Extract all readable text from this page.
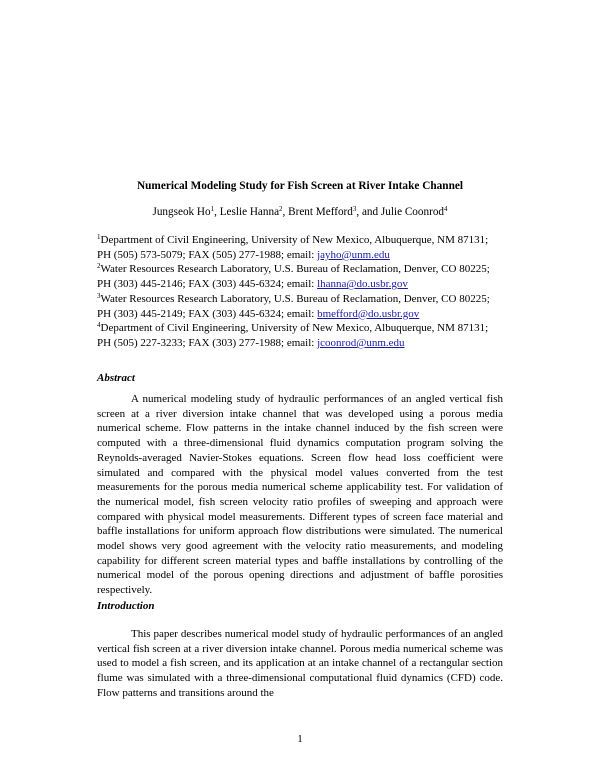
Numerical Modeling Study for Fish Screen at River Intake Channel
Jungseok Ho$^1$, Leslie Hanna$^2$, Brent Mefford$^3$, and Julie Coonrod$^4$

$^1$Department of Civil Engineering, University of New Mexico, Albuquerque, NM 87131; PH (505) 573-5079; FAX (505) 277-1988; email: jayho@unm.edu

$^2$Water Resources Research Laboratory, U.S. Bureau of Reclamation, Denver, CO 80225; PH (303) 445-2146; FAX (303) 445-6324; email: lhanna@do.usbr.gov

$^3$Water Resources Research Laboratory, U.S. Bureau of Reclamation, Denver, CO 80225; PH (303) 445-2149; FAX (303) 445-6324; email: bmefford@do.usbr.gov

$^4$Department of Civil Engineering, University of New Mexico, Albuquerque, NM 87131; PH (505) 227-3233; FAX (303) 277-1988; email: jcoonrod@unm.edu

Abstract

A numerical modeling study of hydraulic performances of an angled vertical fish screen at a river diversion intake channel that was developed using a porous media numerical scheme. Flow patterns in the intake channel induced by the fish screen were computed with a three-dimensional fluid dynamics computation program solving the Reynolds-averaged Navier-Stokes equations. Screen flow head loss coefficient were simulated and compared with the physical model values converted from the test measurements for the porous media numerical scheme applicability test. For validation of the numerical model, fish screen velocity ratio profiles of sweeping and approach were compared with physical model measurements. Different types of screen face material and baffle installations for uniform approach flow distributions were simulated. The numerical model shows very good agreement with the velocity ratio measurements, and modeling capability for different screen material types and baffle installations by controlling of the numerical model of the porous opening directions and adjustment of baffle porosities respectively.

Introduction

This paper describes numerical model study of hydraulic performances of an angled vertical fish screen at a river diversion intake channel. Porous media numerical scheme was used to model a fish screen, and its application at an intake channel of a rectangular section flume was simulated with a three-dimensional computational fluid dynamics (CFD) code. Flow patterns and transitions around the

1
